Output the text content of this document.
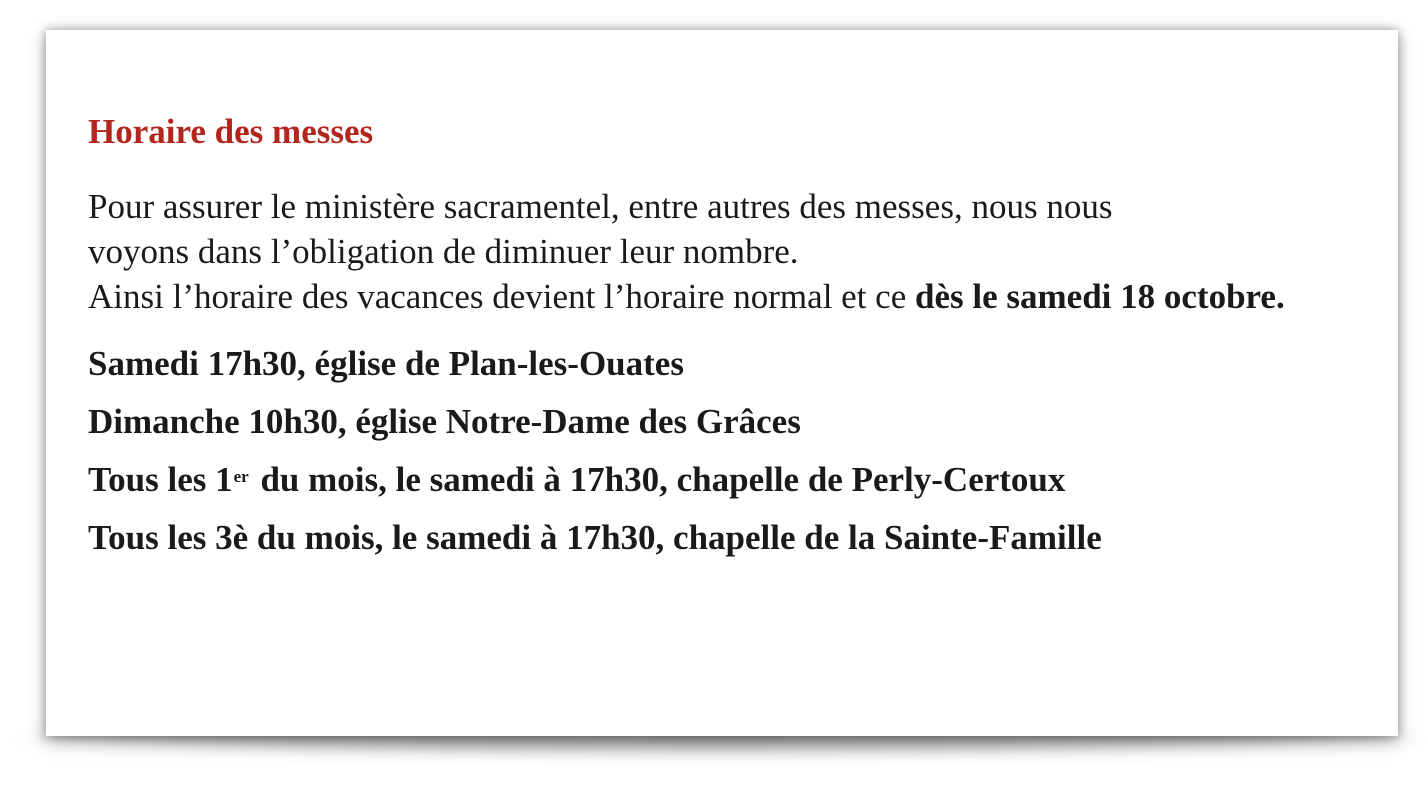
Horaire des messes

Pour assurer le ministère sacramentel, entre autres des messes, nous nous
voyons dans l’obligation de diminuer leur nombre.
Ainsi l’horaire des vacances devient l’horaire normal et ce dès le samedi 18 octobre.

Samedi 17h30, église de Plan-les-Ouates
Dimanche 10h30, église Notre-Dame des Grâces
Tous les 1er du mois, le samedi à 17h30, chapelle de Perly-Certoux
Tous les 3è du mois, le samedi à 17h30, chapelle de la Sainte-Famille
